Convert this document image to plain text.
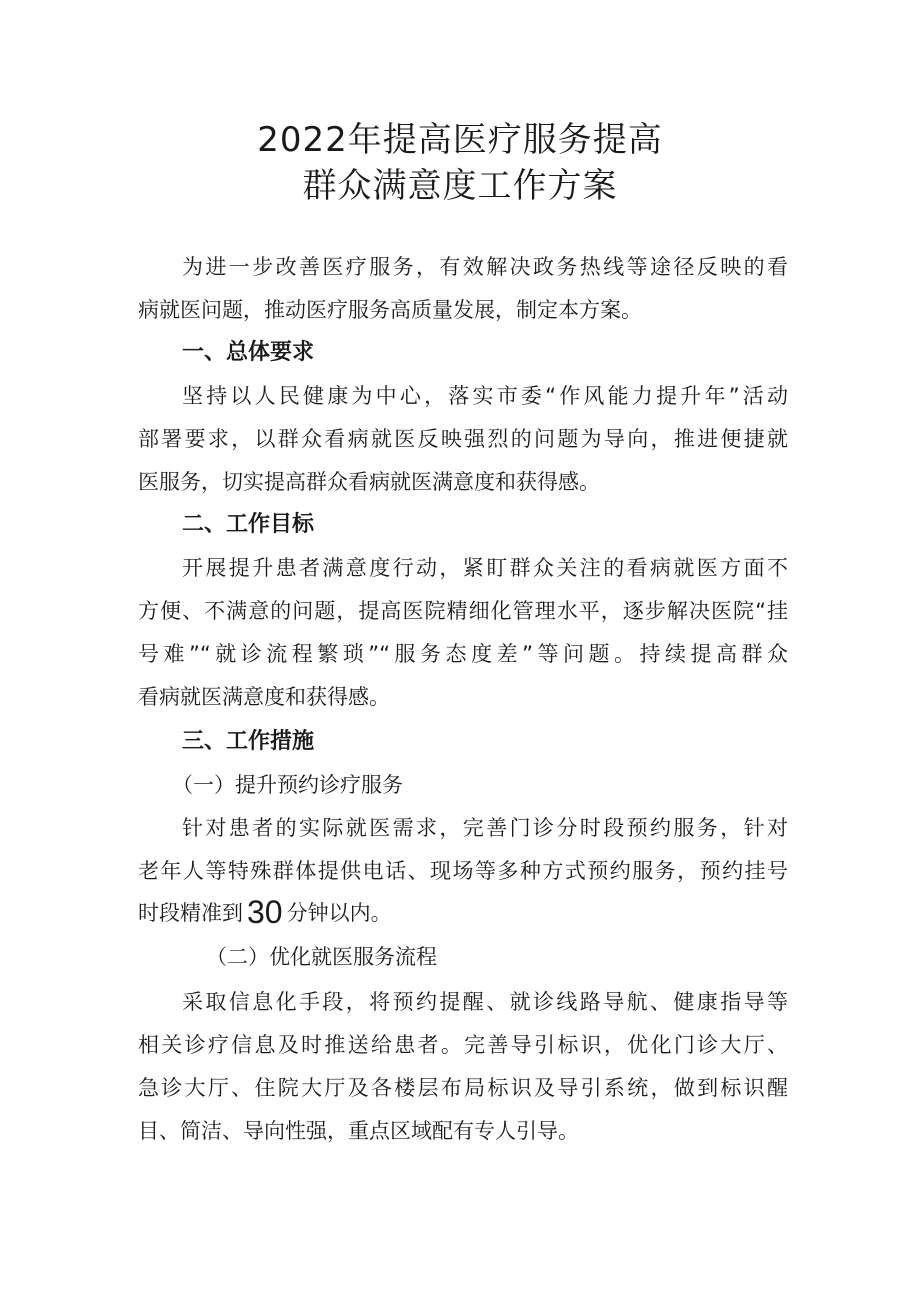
2022年提高医疗服务提高
群众满意度工作方案
为进一步改善医疗服务，有效解决政务热线等途径反映的看
病就医问题，推动医疗服务高质量发展，制定本方案。
一、总体要求
坚持以人民健康为中心，落实市委“作风能力提升年”活动
部署要求，以群众看病就医反映强烈的问题为导向，推进便捷就
医服务，切实提高群众看病就医满意度和获得感。
二、工作目标
开展提升患者满意度行动，紧盯群众关注的看病就医方面不
方便、不满意的问题，提高医院精细化管理水平，逐步解决医院“挂
号难”“就诊流程繁琐”“服务态度差”等问题。持续提高群众
看病就医满意度和获得感。
三、工作措施
（一）提升预约诊疗服务
针对患者的实际就医需求，完善门诊分时段预约服务，针对
老年人等特殊群体提供电话、现场等多种方式预约服务，预约挂号
时段精准到 30 分钟以内。
（二）优化就医服务流程
采取信息化手段，将预约提醒、就诊线路导航、健康指导等
相关诊疗信息及时推送给患者。完善导引标识，优化门诊大厅、
急诊大厅、住院大厅及各楼层布局标识及导引系统，做到标识醒
目、简洁、导向性强，重点区域配有专人引导。
